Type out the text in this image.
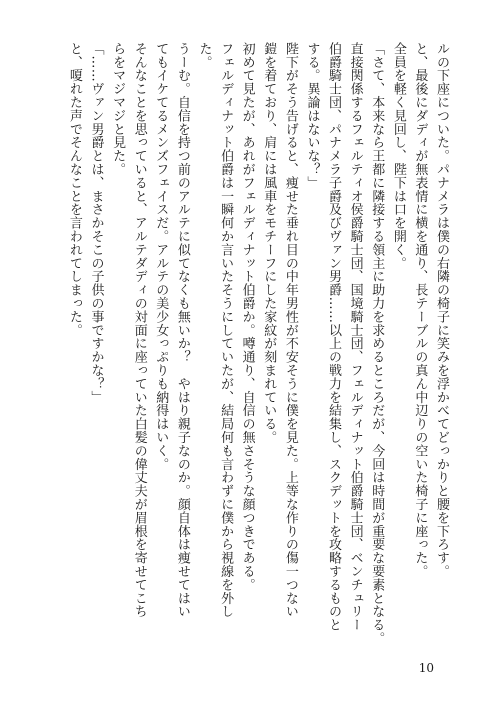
ルの下座についた。パナメラは僕の右隣の椅子に笑みを浮かべてどっかりと腰を下ろす。
と、最後にダディが無表情に横を通り、長テーブルの真ん中辺りの空いた椅子に座った。
全員を軽く見回し、陛下は口を開く。
「さて、本来なら王都に隣接する領主に助力を求めるところだが、今回は時間が重要な要素となる。
直接関係するフェルティオ侯爵騎士団、国境騎士団、フェルディナット伯爵騎士団、ベンチュリー
伯爵騎士団、パナメラ子爵及びヴァン男爵……以上の戦力を結集し、スクデットを攻略するものと
する。異論はないな？」
陛下がそう告げると、痩せた垂れ目の中年男性が不安そうに僕を見た。上等な作りの傷一つない
鎧を着ており、肩には風車をモチーフにした家紋が刻まれている。
初めて見たが、あれがフェルディナット伯爵か。噂通り、自信の無さそうな顔つきである。
フェルディナット伯爵は一瞬何か言いたそうにしていたが、結局何も言わずに僕から視線を外し
た。
うーむ。自信を持つ前のアルテに似てなくも無いか？　やはり親子なのか。顔自体は痩せてはい
てもイケてるメンズフェイスだ。アルテの美少女っぷりも納得はいく。
そんなことを思っていると、アルテダディの対面に座っていた白髪の偉丈夫が眉根を寄せてこち
らをマジマジと見た。
「……ヴァン男爵とは、まさかそこの子供の事ですかな？」
と、嗄れた声でそんなことを言われてしまった。
10
